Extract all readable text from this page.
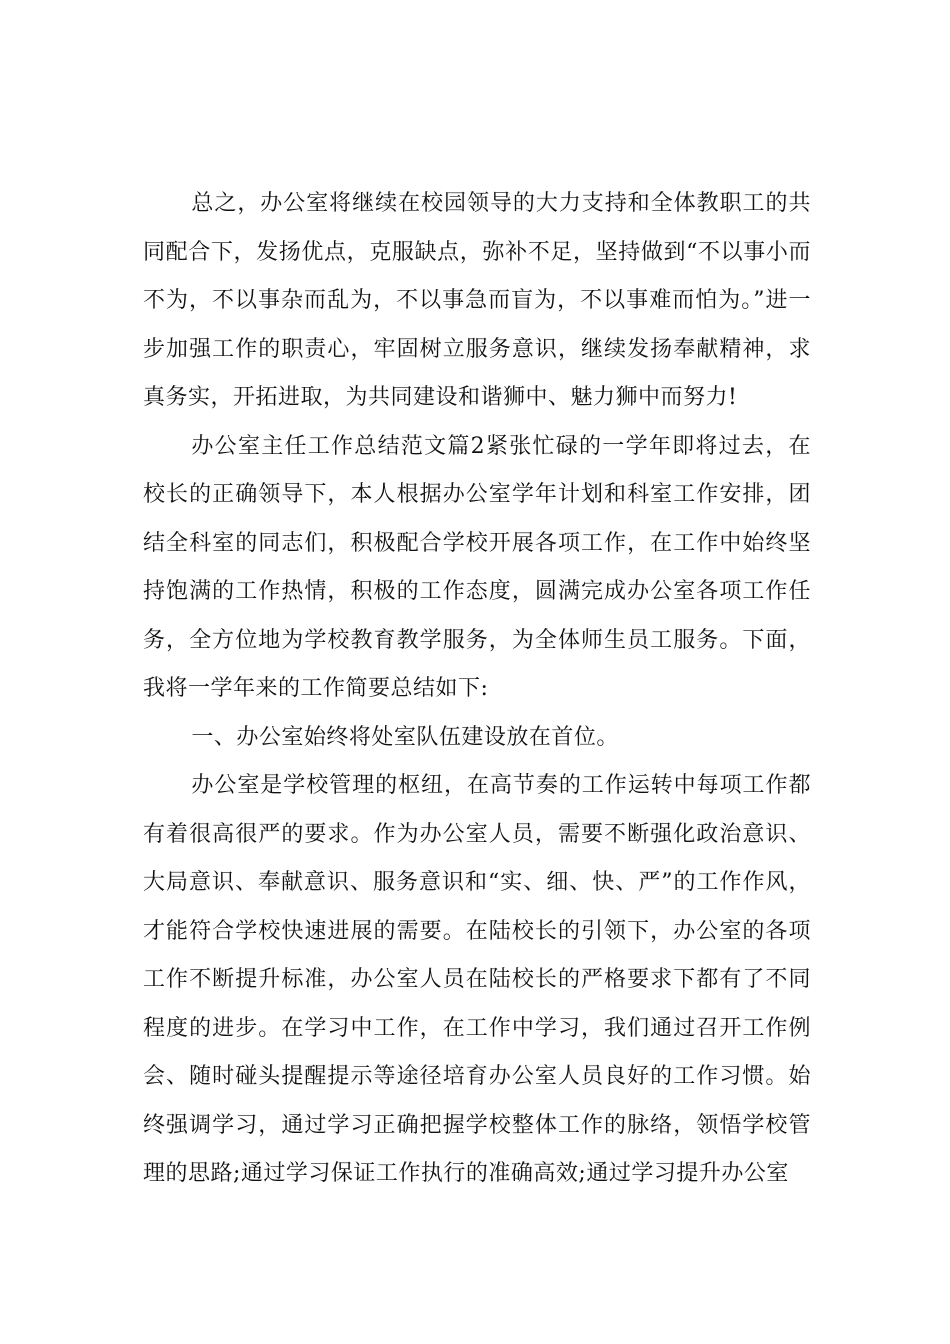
总之，办公室将继续在校园领导的大力支持和全体教职工的共同配合下，发扬优点，克服缺点，弥补不足，坚持做到“不以事小而不为，不以事杂而乱为，不以事急而盲为，不以事难而怕为。”进一步加强工作的职责心，牢固树立服务意识，继续发扬奉献精神，求真务实，开拓进取，为共同建设和谐狮中、魅力狮中而努力!

办公室主任工作总结范文篇2紧张忙碌的一学年即将过去，在校长的正确领导下，本人根据办公室学年计划和科室工作安排，团结全科室的同志们，积极配合学校开展各项工作，在工作中始终坚持饱满的工作热情，积极的工作态度，圆满完成办公室各项工作任务，全方位地为学校教育教学服务，为全体师生员工服务。下面，我将一学年来的工作简要总结如下:

一、办公室始终将处室队伍建设放在首位。

办公室是学校管理的枢纽，在高节奏的工作运转中每项工作都有着很高很严的要求。作为办公室人员，需要不断强化政治意识、大局意识、奉献意识、服务意识和“实、细、快、严”的工作作风，才能符合学校快速进展的需要。在陆校长的引领下，办公室的各项工作不断提升标准，办公室人员在陆校长的严格要求下都有了不同程度的进步。在学习中工作，在工作中学习，我们通过召开工作例会、随时碰头提醒提示等途径培育办公室人员良好的工作习惯。始终强调学习，通过学习正确把握学校整体工作的脉络，领悟学校管理的思路;通过学习保证工作执行的准确高效;通过学习提升办公室
